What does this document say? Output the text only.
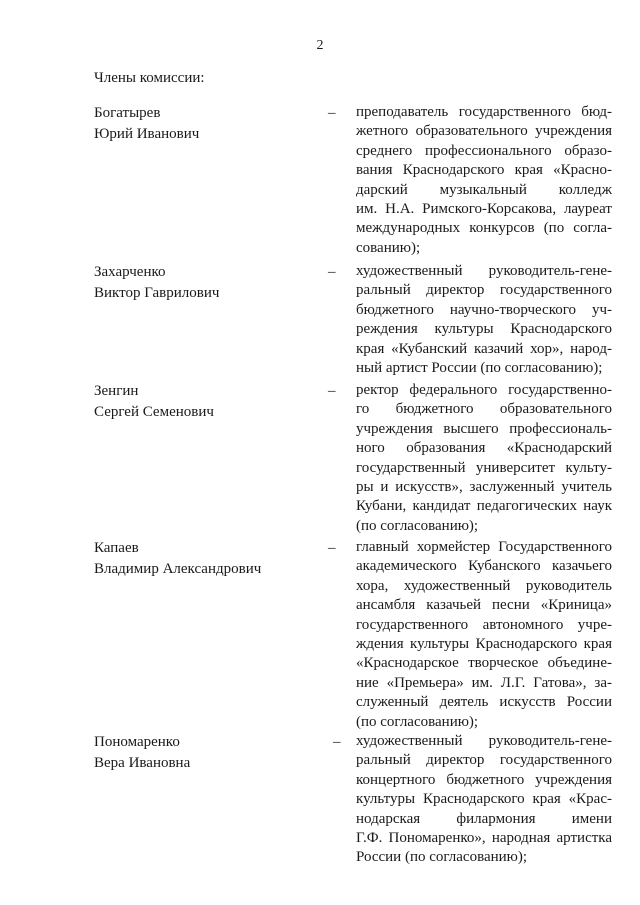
2
Члены комиссии:
Богатырев
Юрий Иванович
– преподаватель государственного бюд-
жетного образовательного учреждения
среднего профессионального образо-
вания Краснодарского края «Красно-
дарский музыкальный колледж
им. Н.А. Римского-Корсакова, лауреат
международных конкурсов (по согла-
сованию);
Захарченко
Виктор Гаврилович
– художественный руководитель-гене-
ральный директор государственного
бюджетного научно-творческого уч-
реждения культуры Краснодарского
края «Кубанский казачий хор», народ-
ный артист России (по согласованию);
Зенгин
Сергей Семенович
– ректор федерального государственно-
го бюджетного образовательного
учреждения высшего профессиональ-
ного образования «Краснодарский
государственный университет культу-
ры и искусств», заслуженный учитель
Кубани, кандидат педагогических наук
(по согласованию);
Капаев
Владимир Александрович
– главный хормейстер Государственного
академического Кубанского казачьего
хора, художественный руководитель
ансамбля казачьей песни «Криница»
государственного автономного учре-
ждения культуры Краснодарского края
«Краснодарское творческое объедине-
ние «Премьера» им. Л.Г. Гатова», за-
служенный деятель искусств России
(по согласованию);
Пономаренко
Вера Ивановна
– художественный руководитель-гене-
ральный директор государственного
концертного бюджетного учреждения
культуры Краснодарского края «Крас-
нодарская филармония имени
Г.Ф. Пономаренко», народная артистка
России (по согласованию);
